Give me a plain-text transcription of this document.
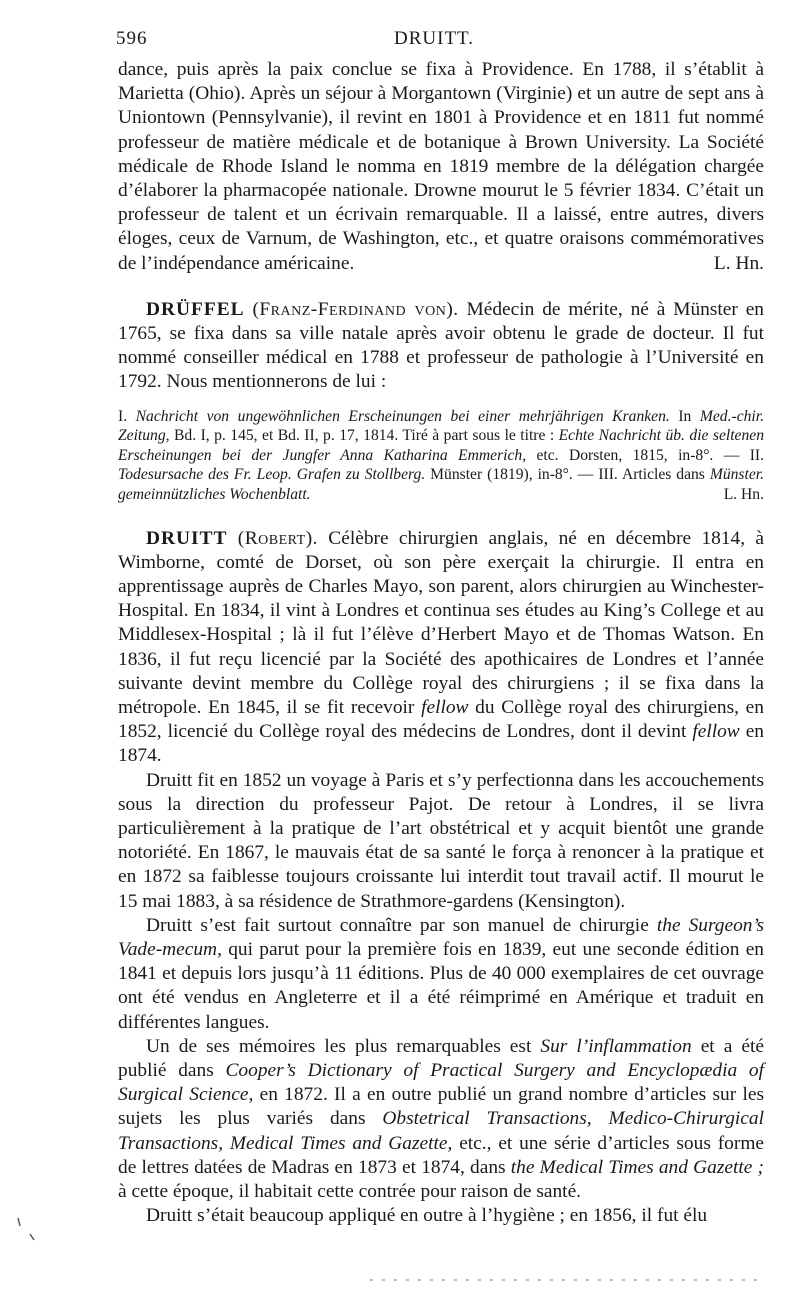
596	DRUITT.

dance, puis après la paix conclue se fixa à Providence. En 1788, il s’établit à Marietta (Ohio). Après un séjour à Morgantown (Virginie) et un autre de sept ans à Uniontown (Pennsylvanie), il revint en 1801 à Providence et en 1811 fut nommé professeur de matière médicale et de botanique à Brown University. La Société médicale de Rhode Island le nomma en 1819 membre de la délégation chargée d’élaborer la pharmacopée nationale. Drowne mourut le 5 février 1834. C’était un professeur de talent et un écrivain remarquable. Il a laissé, entre autres, divers éloges, ceux de Varnum, de Washington, etc., et quatre oraisons commémoratives de l’indépendance américaine.	L. Hn.

DRÜFFEL (Franz-Ferdinand von). Médecin de mérite, né à Münster en 1765, se fixa dans sa ville natale après avoir obtenu le grade de docteur. Il fut nommé conseiller médical en 1788 et professeur de pathologie à l’Université en 1792. Nous mentionnerons de lui :

I. Nachricht von ungewöhnlichen Erscheinungen bei einer mehrjährigen Kranken. In Med.-chir. Zeitung, Bd. I, p. 145, et Bd. II, p. 17, 1814. Tiré à part sous le titre : Echte Nachricht üb. die seltenen Erscheinungen bei der Jungfer Anna Katharina Emmerich, etc. Dorsten, 1815, in-8°. — II. Todesursache des Fr. Leop. Grafen zu Stollberg. Münster (1819), in-8°. — III. Articles dans Münster. gemeinnützliches Wochenblatt.	L. Hn.

DRUITT (Robert). Célèbre chirurgien anglais, né en décembre 1814, à Wimborne, comté de Dorset, où son père exerçait la chirurgie. Il entra en apprentissage auprès de Charles Mayo, son parent, alors chirurgien au Winchester-Hospital. En 1834, il vint à Londres et continua ses études au King’s College et au Middlesex-Hospital ; là il fut l’élève d’Herbert Mayo et de Thomas Watson. En 1836, il fut reçu licencié par la Société des apothicaires de Londres et l’année suivante devint membre du Collège royal des chirurgiens ; il se fixa dans la métropole. En 1845, il se fit recevoir fellow du Collège royal des chirurgiens, en 1852, licencié du Collège royal des médecins de Londres, dont il devint fellow en 1874.

Druitt fit en 1852 un voyage à Paris et s’y perfectionna dans les accouchements sous la direction du professeur Pajot. De retour à Londres, il se livra particulièrement à la pratique de l’art obstétrical et y acquit bientôt une grande notoriété. En 1867, le mauvais état de sa santé le força à renoncer à la pratique et en 1872 sa faiblesse toujours croissante lui interdit tout travail actif. Il mourut le 15 mai 1883, à sa résidence de Strathmore-gardens (Kensington).

Druitt s’est fait surtout connaître par son manuel de chirurgie the Surgeon’s Vade-mecum, qui parut pour la première fois en 1839, eut une seconde édition en 1841 et depuis lors jusqu’à 11 éditions. Plus de 40 000 exemplaires de cet ouvrage ont été vendus en Angleterre et il a été réimprimé en Amérique et traduit en différentes langues.

Un de ses mémoires les plus remarquables est Sur l’inflammation et a été publié dans Cooper’s Dictionary of Practical Surgery and Encyclopædia of Surgical Science, en 1872. Il a en outre publié un grand nombre d’articles sur les sujets les plus variés dans Obstetrical Transactions, Medico-Chirurgical Transactions, Medical Times and Gazette, etc., et une série d’articles sous forme de lettres datées de Madras en 1873 et 1874, dans the Medical Times and Gazette ; à cette époque, il habitait cette contrée pour raison de santé.

Druitt s’était beaucoup appliqué en outre à l’hygiène ; en 1856, il fut élu
